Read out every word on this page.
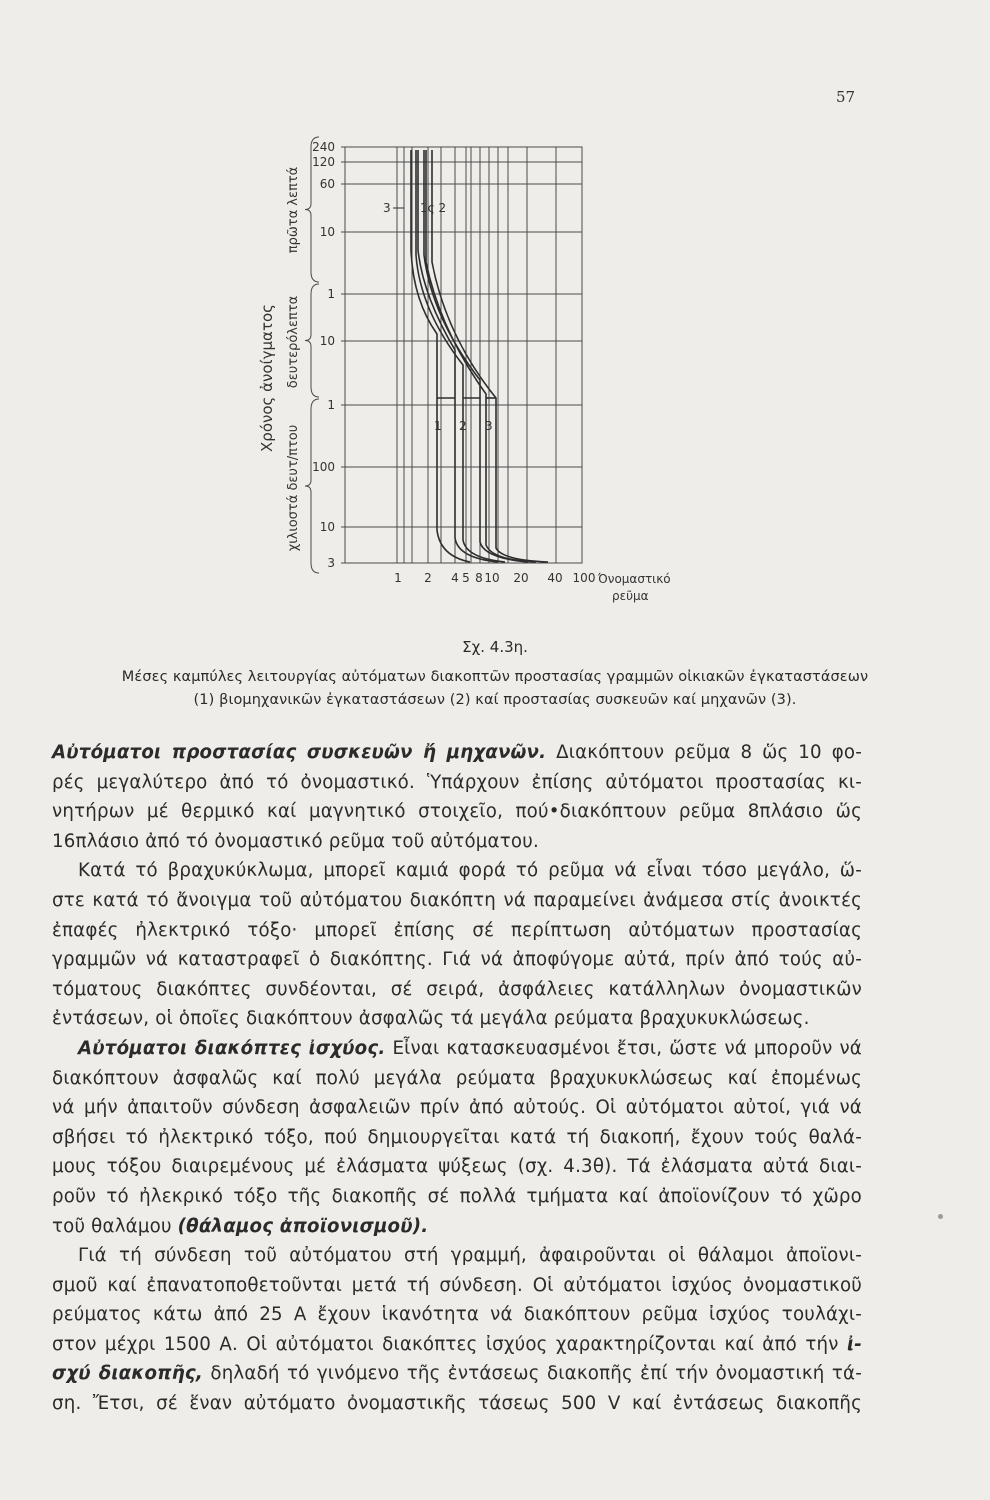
57
240
120
60
10
1
10
1
100
10
3
1 2 4 5 8 10 20 40 100 Όνομαστικό
ρεῦμα
πρῶτα λεπτά
δευτερόλεπτα
χιλιοστά δευτ/πτου
Χρόνος ἀνοίγματος
3 1ς 2
1 2 3
Σχ. 4.3η.
Μέσες καμπύλες λειτουργίας αὐτόματων διακοπτῶν προστασίας γραμμῶν οἰκιακῶν ἐγκαταστάσεων
(1) βιομηχανικῶν ἐγκαταστάσεων (2) καί προστασίας συσκευῶν καί μηχανῶν (3).
Αὐτόματοι προστασίας συσκευῶν ἤ μηχανῶν. Διακόπτουν ρεῦμα 8 ὥς 10 φο-
ρές μεγαλύτερο ἀπό τό ὀνομαστικό. Ὑπάρχουν ἐπίσης αὐτόματοι προστασίας κι-
νητήρων μέ θερμικό καί μαγνητικό στοιχεῖο, πού•διακόπτουν ρεῦμα 8πλάσιο ὥς
16πλάσιο ἀπό τό ὀνομαστικό ρεῦμα τοῦ αὐτόματου.
Κατά τό βραχυκύκλωμα, μπορεῖ καμιά φορά τό ρεῦμα νά εἶναι τόσο μεγάλο, ὥ-
στε κατά τό ἄνοιγμα τοῦ αὐτόματου διακόπτη νά παραμείνει ἀνάμεσα στίς ἀνοικτές
ἐπαφές ἠλεκτρικό τόξο· μπορεῖ ἐπίσης σέ περίπτωση αὐτόματων προστασίας
γραμμῶν νά καταστραφεῖ ὁ διακόπτης. Γιά νά ἀποφύγομε αὐτά, πρίν ἀπό τούς αὐ-
τόματους διακόπτες συνδέονται, σέ σειρά, ἀσφάλειες κατάλληλων ὀνομαστικῶν
ἐντάσεων, οἱ ὁποῖες διακόπτουν ἀσφαλῶς τά μεγάλα ρεύματα βραχυκυκλώσεως.
Αὐτόματοι διακόπτες ἰσχύος. Εἶναι κατασκευασμένοι ἔτσι, ὥστε νά μποροῦν νά
διακόπτουν ἀσφαλῶς καί πολύ μεγάλα ρεύματα βραχυκυκλώσεως καί ἐπομένως
νά μήν ἀπαιτοῦν σύνδεση ἀσφαλειῶν πρίν ἀπό αὐτούς. Οἱ αὐτόματοι αὐτοί, γιά νά
σβήσει τό ἠλεκτρικό τόξο, πού δημιουργεῖται κατά τή διακοπή, ἔχουν τούς θαλά-
μους τόξου διαιρεμένους μέ ἐλάσματα ψύξεως (σχ. 4.3θ). Τά ἐλάσματα αὐτά διαι-
ροῦν τό ἠλεκρικό τόξο τῆς διακοπῆς σέ πολλά τμήματα καί ἀποϊονίζουν τό χῶρο
τοῦ θαλάμου (θάλαμος ἀποϊονισμοῦ).
Γιά τή σύνδεση τοῦ αὐτόματου στή γραμμή, ἀφαιροῦνται οἱ θάλαμοι ἀποϊονι-
σμοῦ καί ἐπανατοποθετοῦνται μετά τή σύνδεση. Οἱ αὐτόματοι ἰσχύος ὀνομαστικοῦ
ρεύματος κάτω ἀπό 25 Α ἔχουν ἱκανότητα νά διακόπτουν ρεῦμα ἰσχύος τουλάχι-
στον μέχρι 1500 Α. Οἱ αὐτόματοι διακόπτες ἰσχύος χαρακτηρίζονται καί ἀπό τήν ἰ-
σχύ διακοπῆς, δηλαδή τό γινόμενο τῆς ἐντάσεως διακοπῆς ἐπί τήν ὀνομαστική τά-
ση. Ἔτσι, σέ ἕναν αὐτόματο ὀνομαστικῆς τάσεως 500 V καί ἐντάσεως διακοπῆς
